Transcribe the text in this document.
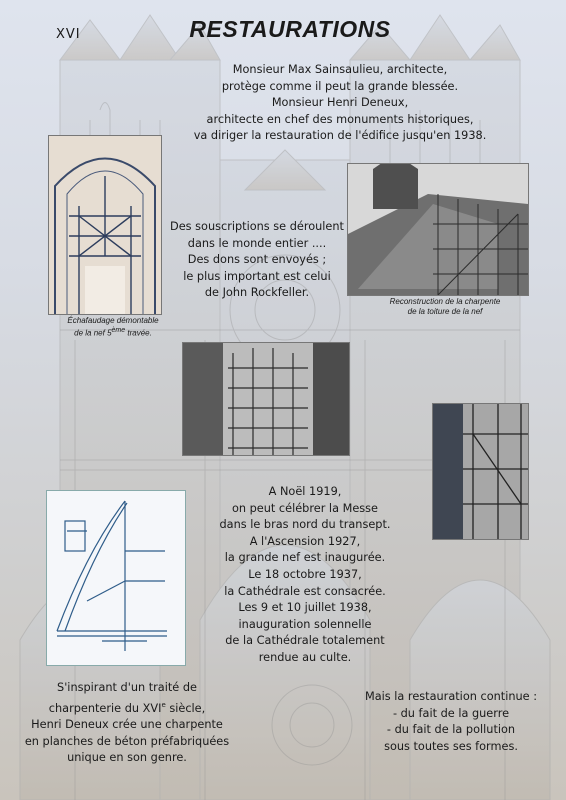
XVI	RESTAURATIONS
Monsieur Max Sainsaulieu, architecte,
protège comme il peut la grande blessée.
Monsieur Henri Deneux,
architecte en chef des monuments historiques,
va diriger la restauration de l'édifice jusqu'en 1938.
Échafaudage démontable
de la nef 5ème travée.
Des souscriptions se déroulent
dans le monde entier ....
Des dons sont envoyés ;
le plus important est celui
de John Rockfeller.
Reconstruction de la charpente
de la toiture de la nef
A Noël 1919,
on peut célébrer la Messe
dans le bras nord du transept.
A l'Ascension 1927,
la grande nef est inaugurée.
Le 18 octobre 1937,
la Cathédrale est consacrée.
Les 9 et 10 juillet 1938,
inauguration solennelle
de la Cathédrale totalement
rendue au culte.
S'inspirant d'un traité de
charpenterie du XVIe siècle,
Henri Deneux crée une charpente
en planches de béton préfabriquées
unique en son genre.
Mais la restauration continue :
- du fait de la guerre
- du fait de la pollution
sous toutes ses formes.
